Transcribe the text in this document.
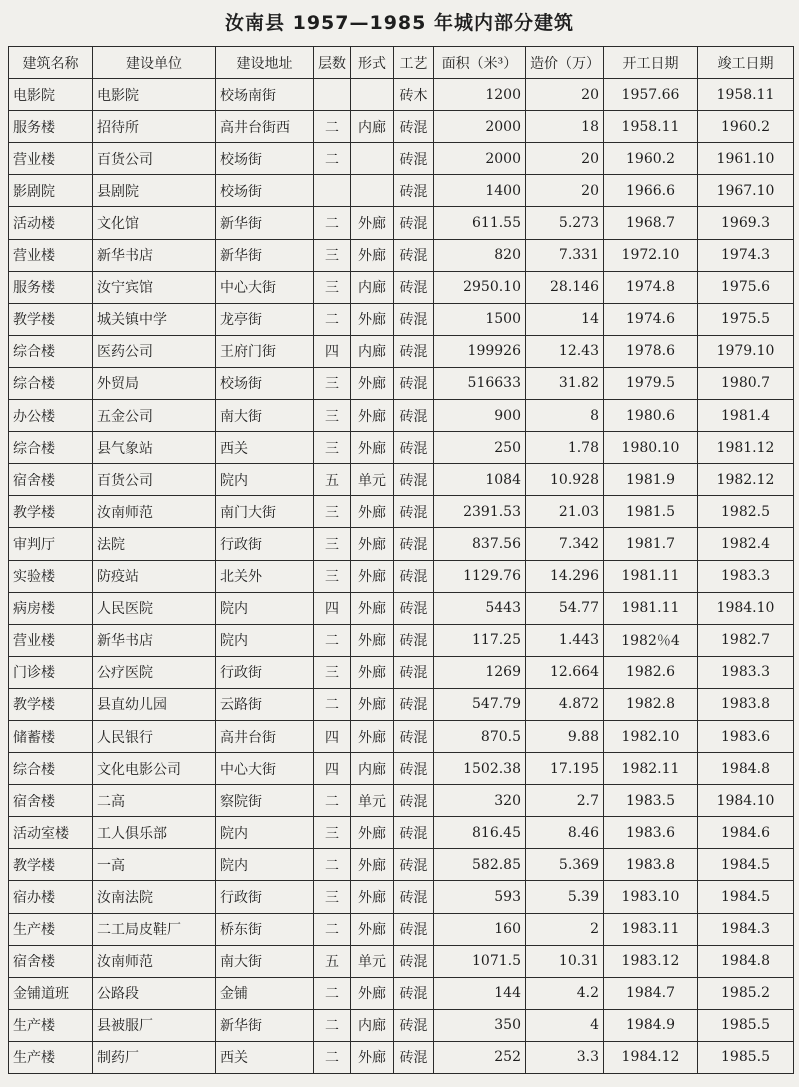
汝南县 1957—1985 年城内部分建筑
建筑名称	建设单位	建设地址	层数	形式	工艺	面积（米³）	造价（万）	开工日期	竣工日期
电影院	电影院	校场南街			砖木	1200	20	1957.66	1958.11
服务楼	招待所	高井台街西	二	内廊	砖混	2000	18	1958.11	1960.2
营业楼	百货公司	校场街	二		砖混	2000	20	1960.2	1961.10
影剧院	县剧院	校场街			砖混	1400	20	1966.6	1967.10
活动楼	文化馆	新华街	二	外廊	砖混	611.55	5.273	1968.7	1969.3
营业楼	新华书店	新华街	三	外廊	砖混	820	7.331	1972.10	1974.3
服务楼	汝宁宾馆	中心大街	三	内廊	砖混	2950.10	28.146	1974.8	1975.6
教学楼	城关镇中学	龙亭街	二	外廊	砖混	1500	14	1974.6	1975.5
综合楼	医药公司	王府门街	四	内廊	砖混	199926	12.43	1978.6	1979.10
综合楼	外贸局	校场街	三	外廊	砖混	516633	31.82	1979.5	1980.7
办公楼	五金公司	南大街	三	外廊	砖混	900	8	1980.6	1981.4
综合楼	县气象站	西关	三	外廊	砖混	250	1.78	1980.10	1981.12
宿舍楼	百货公司	院内	五	单元	砖混	1084	10.928	1981.9	1982.12
教学楼	汝南师范	南门大街	三	外廊	砖混	2391.53	21.03	1981.5	1982.5
审判厅	法院	行政街	三	外廊	砖混	837.56	7.342	1981.7	1982.4
实验楼	防疫站	北关外	三	外廊	砖混	1129.76	14.296	1981.11	1983.3
病房楼	人民医院	院内	四	外廊	砖混	5443	54.77	1981.11	1984.10
营业楼	新华书店	院内	二	外廊	砖混	117.25	1.443	1982％4	1982.7
门诊楼	公疗医院	行政街	三	外廊	砖混	1269	12.664	1982.6	1983.3
教学楼	县直幼儿园	云路街	二	外廊	砖混	547.79	4.872	1982.8	1983.8
储蓄楼	人民银行	高井台街	四	外廊	砖混	870.5	9.88	1982.10	1983.6
综合楼	文化电影公司	中心大街	四	内廊	砖混	1502.38	17.195	1982.11	1984.8
宿舍楼	二高	察院街	二	单元	砖混	320	2.7	1983.5	1984.10
活动室楼	工人俱乐部	院内	三	外廊	砖混	816.45	8.46	1983.6	1984.6
教学楼	一高	院内	二	外廊	砖混	582.85	5.369	1983.8	1984.5
宿办楼	汝南法院	行政街	三	外廊	砖混	593	5.39	1983.10	1984.5
生产楼	二工局皮鞋厂	桥东街	二	外廊	砖混	160	2	1983.11	1984.3
宿舍楼	汝南师范	南大街	五	单元	砖混	1071.5	10.31	1983.12	1984.8
金铺道班	公路段	金铺	二	外廊	砖混	144	4.2	1984.7	1985.2
生产楼	县被服厂	新华街	二	内廊	砖混	350	4	1984.9	1985.5
生产楼	制药厂	西关	二	外廊	砖混	252	3.3	1984.12	1985.5
